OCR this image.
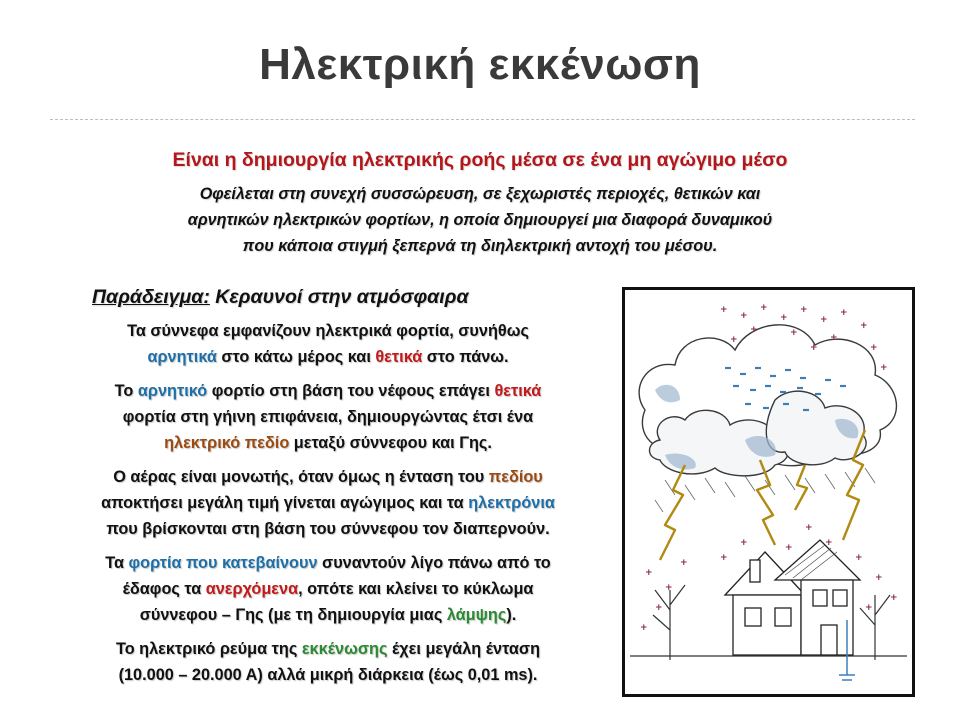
Ηλεκτρική εκκένωση
Είναι η δημιουργία ηλεκτρικής ροής μέσα σε ένα μη αγώγιμο μέσο
Οφείλεται στη συνεχή συσσώρευση, σε ξεχωριστές περιοχές, θετικών και
αρνητικών ηλεκτρικών φορτίων, η οποία δημιουργεί μια διαφορά δυναμικού
που κάποια στιγμή ξεπερνά τη διηλεκτρική αντοχή του μέσου.
Παράδειγμα: Κεραυνοί στην ατμόσφαιρα
Τα σύννεφα εμφανίζουν ηλεκτρικά φορτία, συνήθως
αρνητικά στο κάτω μέρος και θετικά στο πάνω.
Το αρνητικό φορτίο στη βάση του νέφους επάγει θετικά
φορτία στη γήινη επιφάνεια, δημιουργώντας έτσι ένα
ηλεκτρικό πεδίο μεταξύ σύννεφου και Γης.
Ο αέρας είναι μονωτής, όταν όμως η ένταση του πεδίου
αποκτήσει μεγάλη τιμή γίνεται αγώγιμος και τα ηλεκτρόνια
που βρίσκονται στη βάση του σύννεφου τον διαπερνούν.
Τα φορτία που κατεβαίνουν συναντούν λίγο πάνω από το
έδαφος τα ανερχόμενα, οπότε και κλείνει το κύκλωμα
σύννεφου – Γης (με τη δημιουργία μιας λάμψης).
Το ηλεκτρικό ρεύμα της εκκένωσης έχει μεγάλη ένταση
(10.000 – 20.000 Α) αλλά μικρή διάρκεια (έως 0,01 ms).
+
+
+
+
+
+
+
+
+	+	+
+
+
+
+
+
+
+
+
+
+
+
+
+
+
+
+
+
+
